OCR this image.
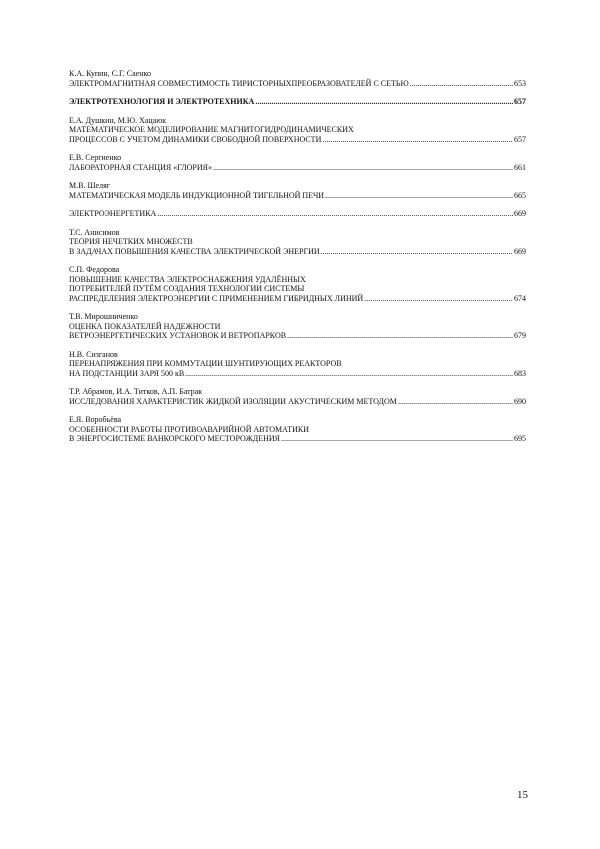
К.А. Купин, С.Г. Саенко
ЭЛЕКТРОМАГНИТНАЯ СОВМЕСТИМОСТЬ ТИРИСТОРНЫХПРЕОБРАЗОВАТЕЛЕЙ С СЕТЬЮ .....	653
ЭЛЕКТРОТЕХНОЛОГИЯ И ЭЛЕКТРОТЕХНИКА .....	657
Е.А. Душкин, М.Ю. Хацаюк
МАТЕМАТИЧЕСКОЕ МОДЕЛИРОВАНИЕ МАГНИТОГИДРОДИНАМИЧЕСКИХ
ПРОЦЕССОВ С УЧЕТОМ ДИНАМИКИ СВОБОДНОЙ ПОВЕРХНОСТИ .....	657
Е.В. Сергиенко
ЛАБОРАТОРНАЯ СТАНЦИЯ «ГЛОРИЯ» .....	661
М.В. Шеляг
МАТЕМАТИЧЕСКАЯ МОДЕЛЬ ИНДУКЦИОННОЙ ТИГЕЛЬНОЙ ПЕЧИ .....	665
ЭЛЕКТРОЭНЕРГЕТИКА .....	669
Т.С. Анисимов
ТЕОРИЯ НЕЧЕТКИХ МНОЖЕСТВ
В ЗАДАЧАХ ПОВЫШЕНИЯ КАЧЕСТВА ЭЛЕКТРИЧЕСКОЙ ЭНЕРГИИ .....	669
С.П. Федорова
ПОВЫШЕНИЕ КАЧЕСТВА ЭЛЕКТРОСНАБЖЕНИЯ УДАЛЁННЫХ
ПОТРЕБИТЕЛЕЙ ПУТЁМ СОЗДАНИЯ ТЕХНОЛОГИИ СИСТЕМЫ
РАСПРЕДЕЛЕНИЯ ЭЛЕКТРОЭНЕРГИИ С ПРИМЕНЕНИЕМ ГИБРИДНЫХ ЛИНИЙ .....	674
Т.В. Мирошниченко
ОЦЕНКА ПОКАЗАТЕЛЕЙ НАДЕЖНОСТИ
ВЕТРОЭНЕРГЕТИЧЕСКИХ УСТАНОВОК И ВЕТРОПАРКОВ .....	679
Н.В. Сизганов
ПЕРЕНАПРЯЖЕНИЯ ПРИ КОММУТАЦИИ ШУНТИРУЮЩИХ РЕАКТОРОВ
НА ПОДСТАНЦИИ ЗАРЯ 500 кВ .....	683
Т.Р. Абрамов, И.А. Титков, А.П. Батрак
ИССЛЕДОВАНИЯ ХАРАКТЕРИСТИК ЖИДКОЙ ИЗОЛЯЦИИ АКУСТИЧЕСКИМ МЕТОДОМ .....	690
Е.Я. Воробьёва
ОСОБЕННОСТИ РАБОТЫ ПРОТИВОАВАРИЙНОЙ АВТОМАТИКИ
В ЭНЕРГОСИСТЕМЕ ВАНКОРСКОГО МЕСТОРОЖДЕНИЯ .....	695
15
